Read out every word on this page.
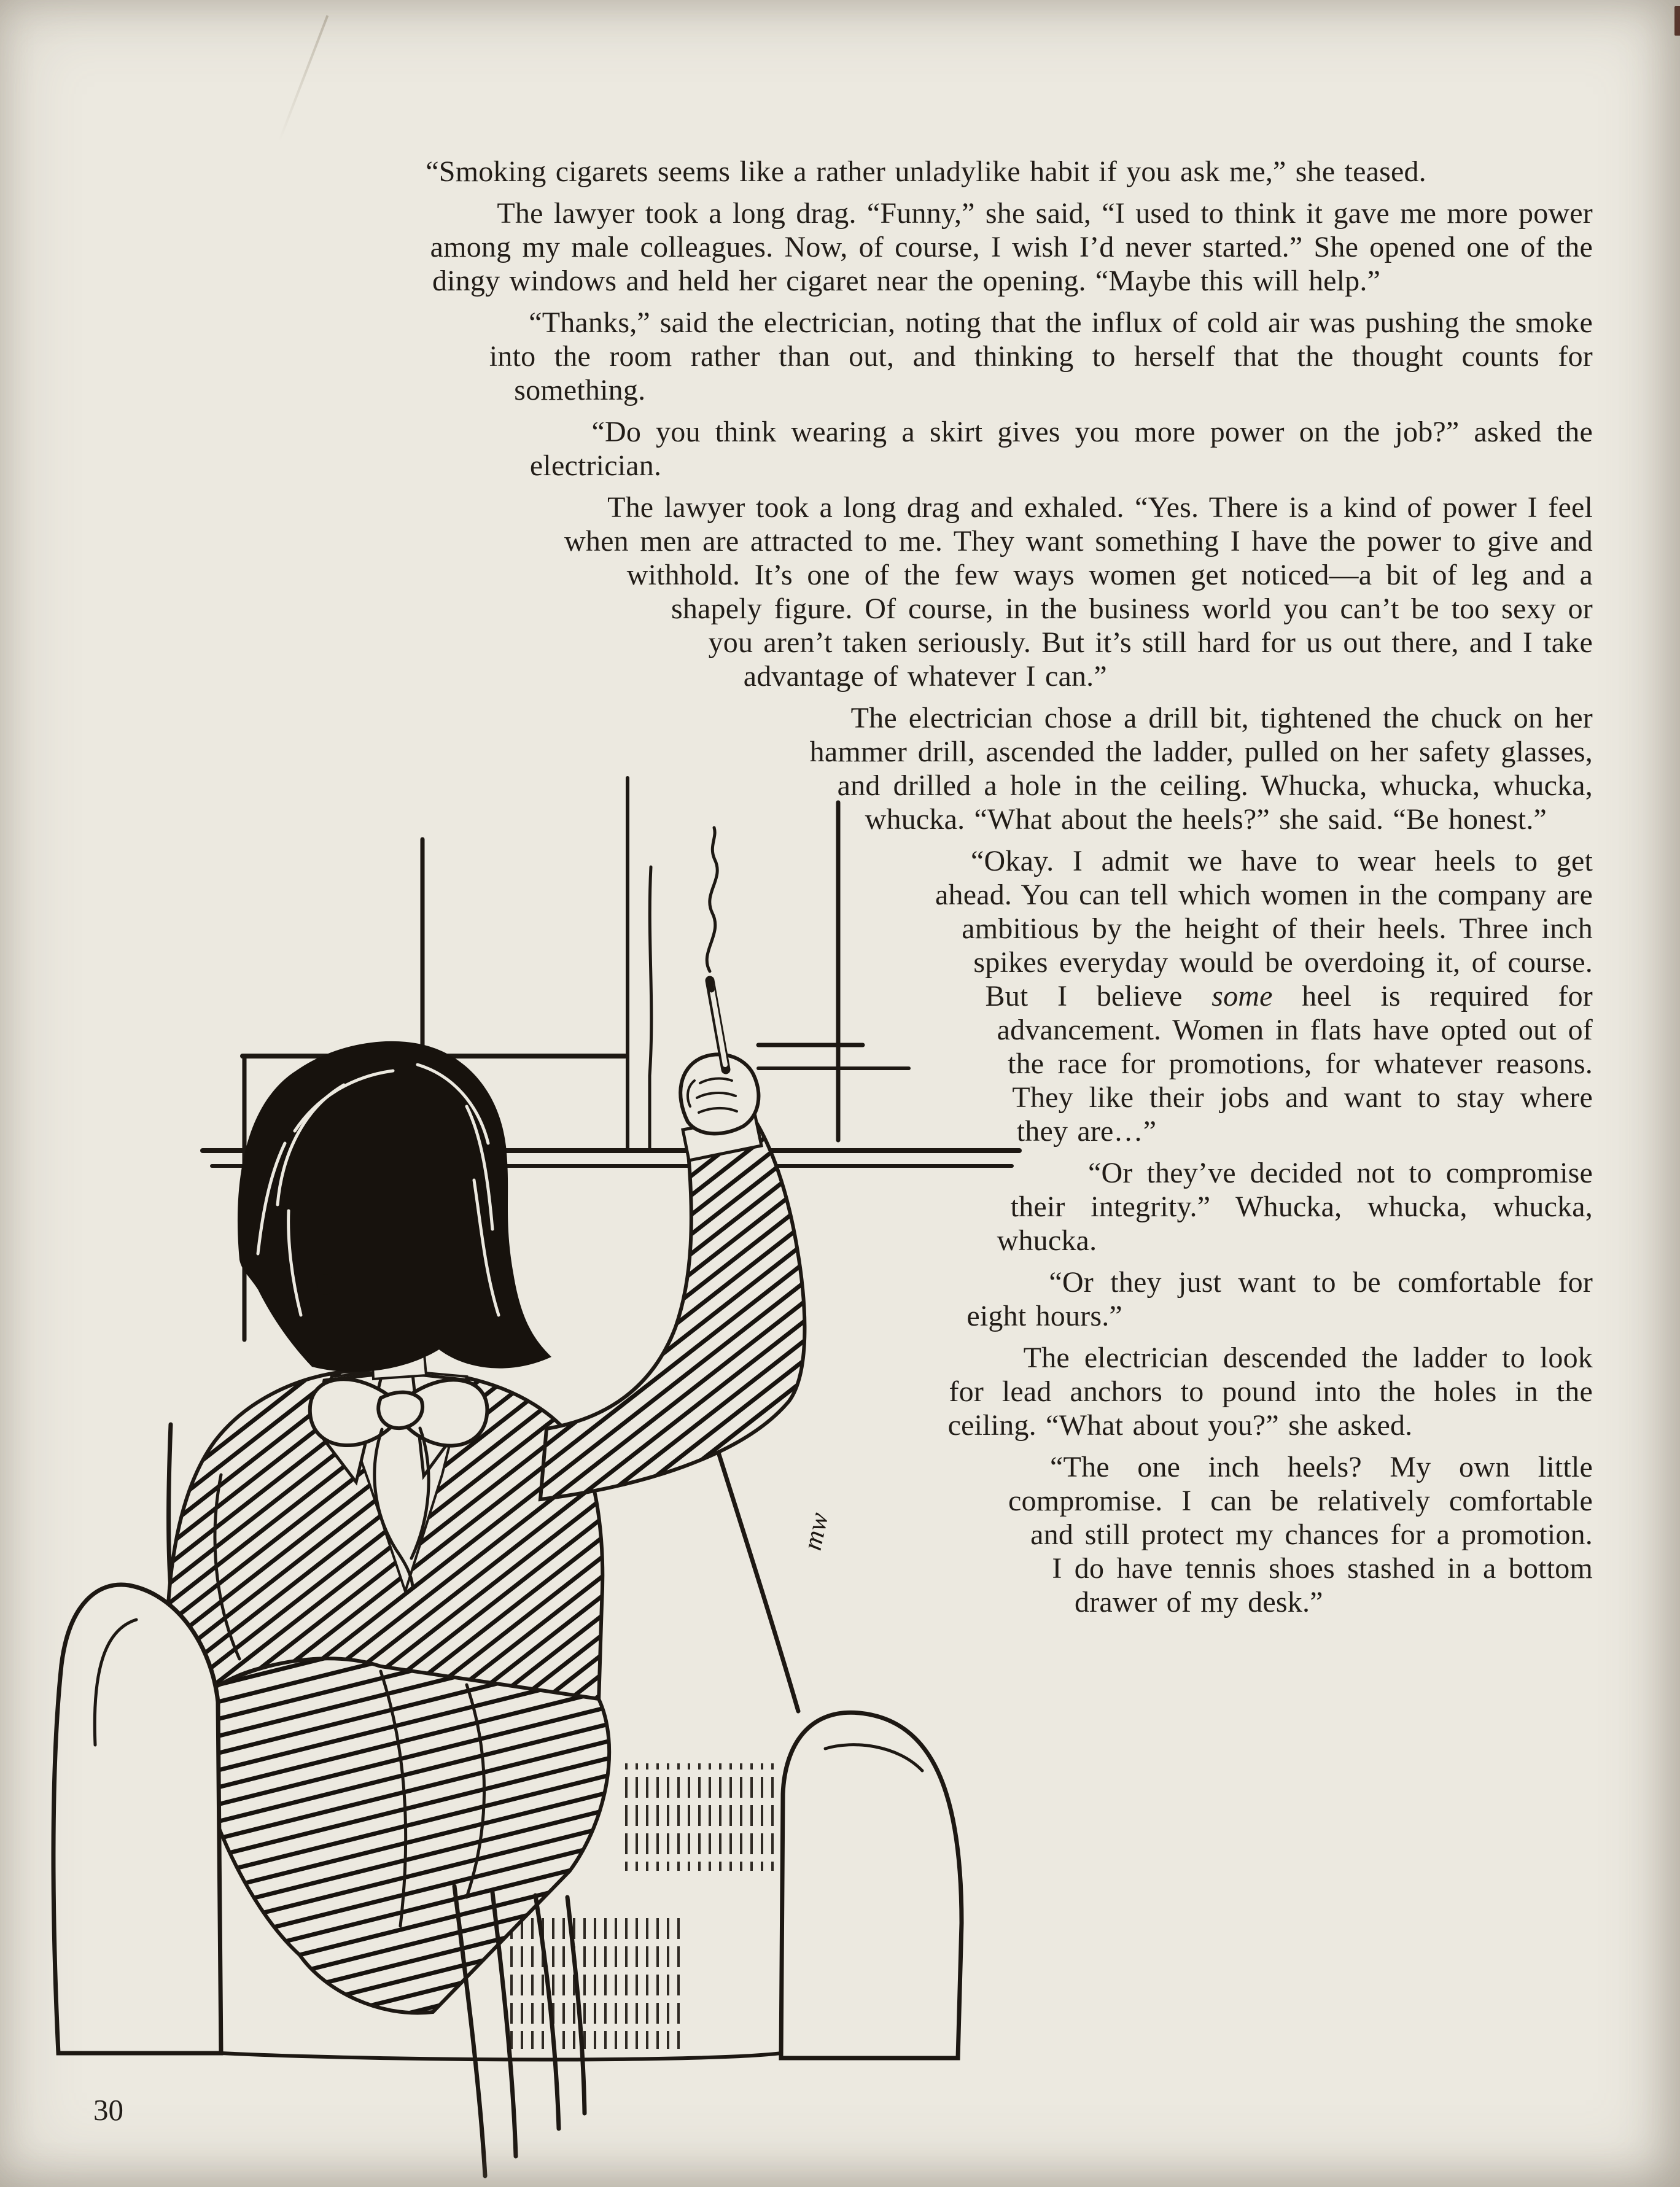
mw

“Smoking cigarets seems like a rather unladylike habit if you ask me,” she teased.

The lawyer took a long drag. “Funny,” she said, “I used to think it gave me more power among my male colleagues. Now, of course, I wish I’d never started.” She opened one of the dingy windows and held her cigaret near the opening. “Maybe this will help.”

“Thanks,” said the electrician, noting that the influx of cold air was pushing the smoke into the room rather than out, and thinking to herself that the thought counts for something.

“Do you think wearing a skirt gives you more power on the job?” asked the electrician.

The lawyer took a long drag and exhaled. “Yes. There is a kind of power I feel when men are attracted to me. They want something I have the power to give and withhold. It’s one of the few ways women get noticed—a bit of leg and a shapely figure. Of course, in the business world you can’t be too sexy or you aren’t taken seriously. But it’s still hard for us out there, and I take advantage of whatever I can.”

The electrician chose a drill bit, tightened the chuck on her hammer drill, ascended the ladder, pulled on her safety glasses, and drilled a hole in the ceiling. Whucka, whucka, whucka, whucka. “What about the heels?” she said. “Be honest.”

“Okay. I admit we have to wear heels to get ahead. You can tell which women in the company are ambitious by the height of their heels. Three inch spikes everyday would be overdoing it, of course. But I believe some heel is required for advancement. Women in flats have opted out of the race for promotions, for whatever reasons. They like their jobs and want to stay where they are…”

“Or they’ve decided not to compromise their integrity.” Whucka, whucka, whucka, whucka.

“Or they just want to be comfortable for eight hours.”

The electrician descended the ladder to look for lead anchors to pound into the holes in the ceiling. “What about you?” she asked.

“The one inch heels? My own little compromise. I can be relatively comfortable and still protect my chances for a promotion. I do have tennis shoes stashed in a bottom drawer of my desk.”

30
